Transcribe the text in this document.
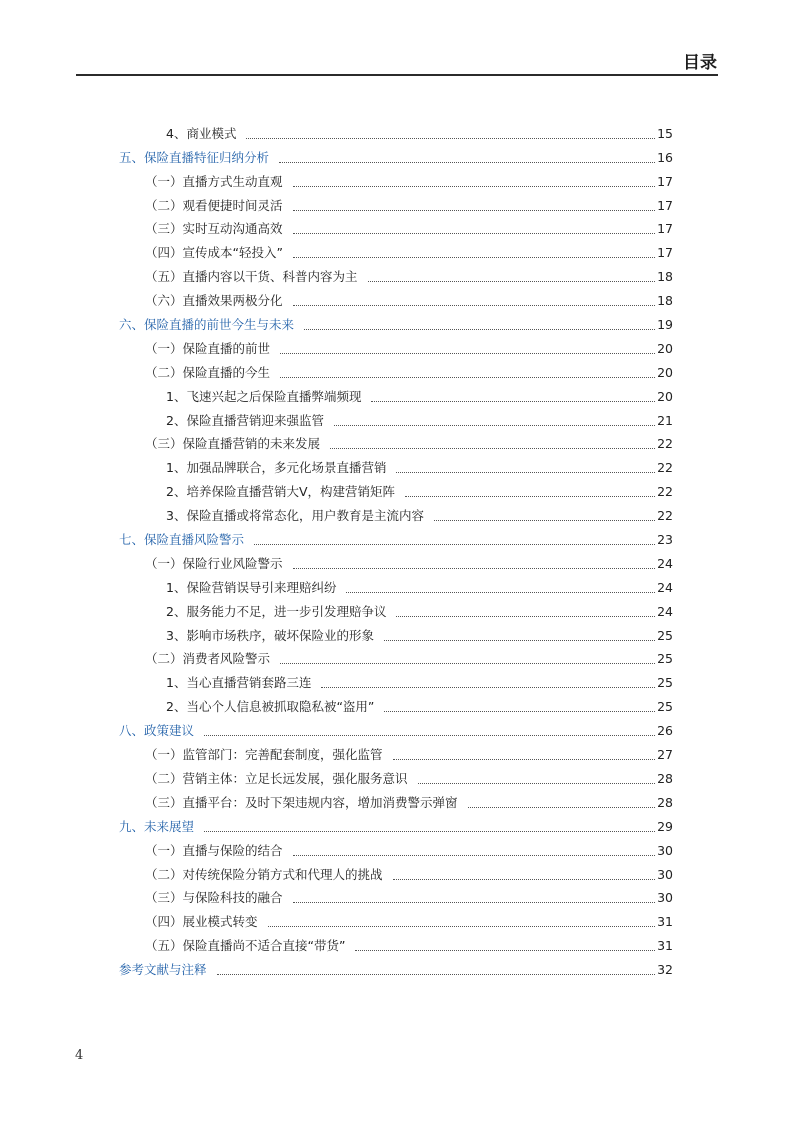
目录
4、商业模式	15
五、保险直播特征归纳分析	16
（一）直播方式生动直观	17
（二）观看便捷时间灵活	17
（三）实时互动沟通高效	17
（四）宣传成本“轻投入”	17
（五）直播内容以干货、科普内容为主	18
（六）直播效果两极分化	18
六、保险直播的前世今生与未来	19
（一）保险直播的前世	20
（二）保险直播的今生	20
1、飞速兴起之后保险直播弊端频现	20
2、保险直播营销迎来强监管	21
（三）保险直播营销的未来发展	22
1、加强品牌联合，多元化场景直播营销	22
2、培养保险直播营销大V，构建营销矩阵	22
3、保险直播或将常态化，用户教育是主流内容	22
七、保险直播风险警示	23
（一）保险行业风险警示	24
1、保险营销误导引来理赔纠纷	24
2、服务能力不足，进一步引发理赔争议	24
3、影响市场秩序，破坏保险业的形象	25
（二）消费者风险警示	25
1、当心直播营销套路三连	25
2、当心个人信息被抓取隐私被“盗用”	25
八、政策建议	26
（一）监管部门：完善配套制度，强化监管	27
（二）营销主体：立足长远发展，强化服务意识	28
（三）直播平台：及时下架违规内容，增加消费警示弹窗	28
九、未来展望	29
（一）直播与保险的结合	30
（二）对传统保险分销方式和代理人的挑战	30
（三）与保险科技的融合	30
（四）展业模式转变	31
（五）保险直播尚不适合直接“带货”	31
参考文献与注释	32
4
